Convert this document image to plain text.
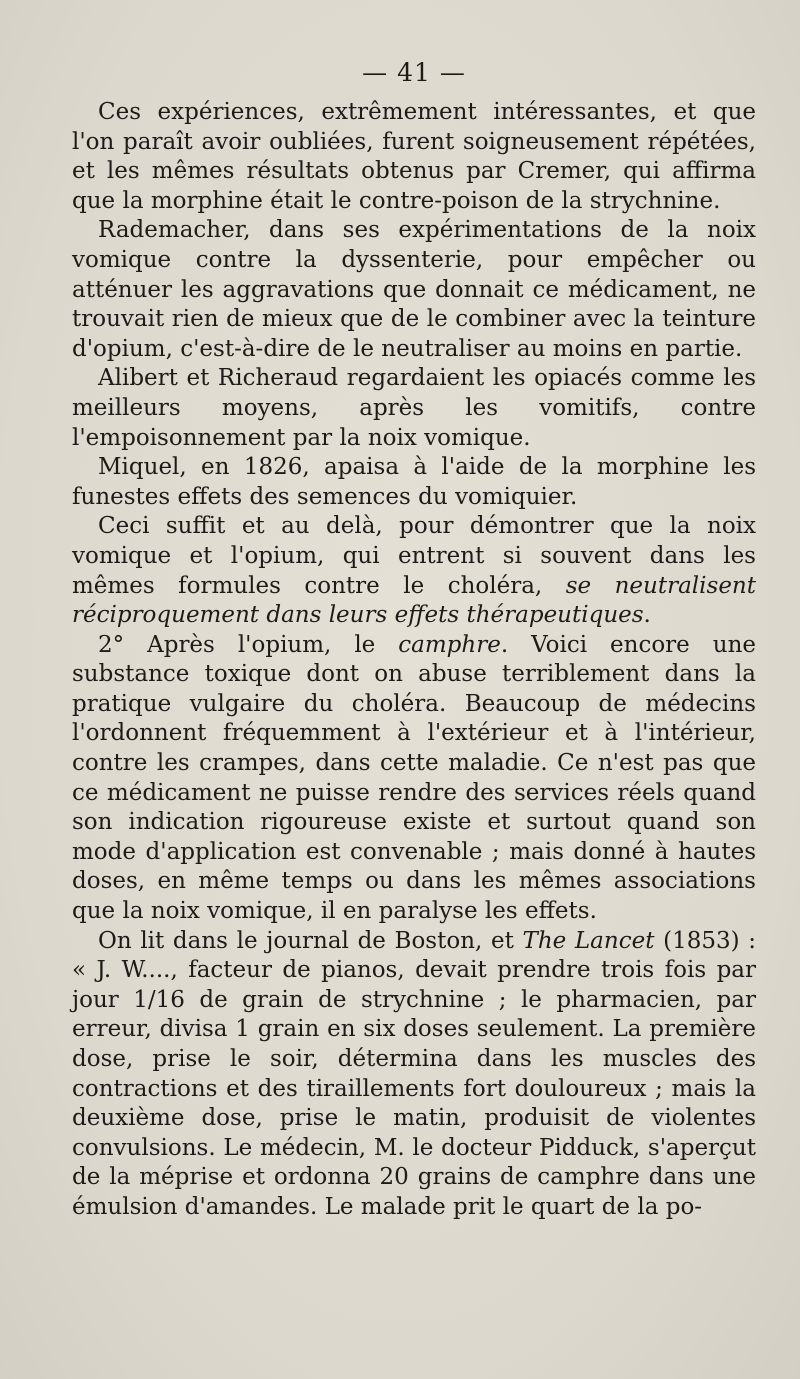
— 41 —

Ces expériences, extrêmement intéressantes, et que l'on paraît avoir oubliées, furent soigneusement répétées, et les mêmes résultats obtenus par Cremer, qui affirma que la morphine était le contre-poison de la strychnine.

Rademacher, dans ses expérimentations de la noix vomique contre la dyssenterie, pour empêcher ou atténuer les aggravations que donnait ce médicament, ne trouvait rien de mieux que de le combiner avec la teinture d'opium, c'est-à-dire de le neutraliser au moins en partie.

Alibert et Richeraud regardaient les opiacés comme les meilleurs moyens, après les vomitifs, contre l'empoisonnement par la noix vomique.

Miquel, en 1826, apaisa à l'aide de la morphine les funestes effets des semences du vomiquier.

Ceci suffit et au delà, pour démontrer que la noix vomique et l'opium, qui entrent si souvent dans les mêmes formules contre le choléra, se neutralisent réciproquement dans leurs effets thérapeutiques.

2° Après l'opium, le camphre. Voici encore une substance toxique dont on abuse terriblement dans la pratique vulgaire du choléra. Beaucoup de médecins l'ordonnent fréquemment à l'extérieur et à l'intérieur, contre les crampes, dans cette maladie. Ce n'est pas que ce médicament ne puisse rendre des services réels quand son indication rigoureuse existe et surtout quand son mode d'application est convenable ; mais donné à hautes doses, en même temps ou dans les mêmes associations que la noix vomique, il en paralyse les effets.

On lit dans le journal de Boston, et The Lancet (1853) : « J. W...., facteur de pianos, devait prendre trois fois par jour 1/16 de grain de strychnine ; le pharmacien, par erreur, divisa 1 grain en six doses seulement. La première dose, prise le soir, détermina dans les muscles des contractions et des tiraillements fort douloureux ; mais la deuxième dose, prise le matin, produisit de violentes convulsions. Le médecin, M. le docteur Pidduck, s'aperçut de la méprise et ordonna 20 grains de camphre dans une émulsion d'amandes. Le malade prit le quart de la po-
